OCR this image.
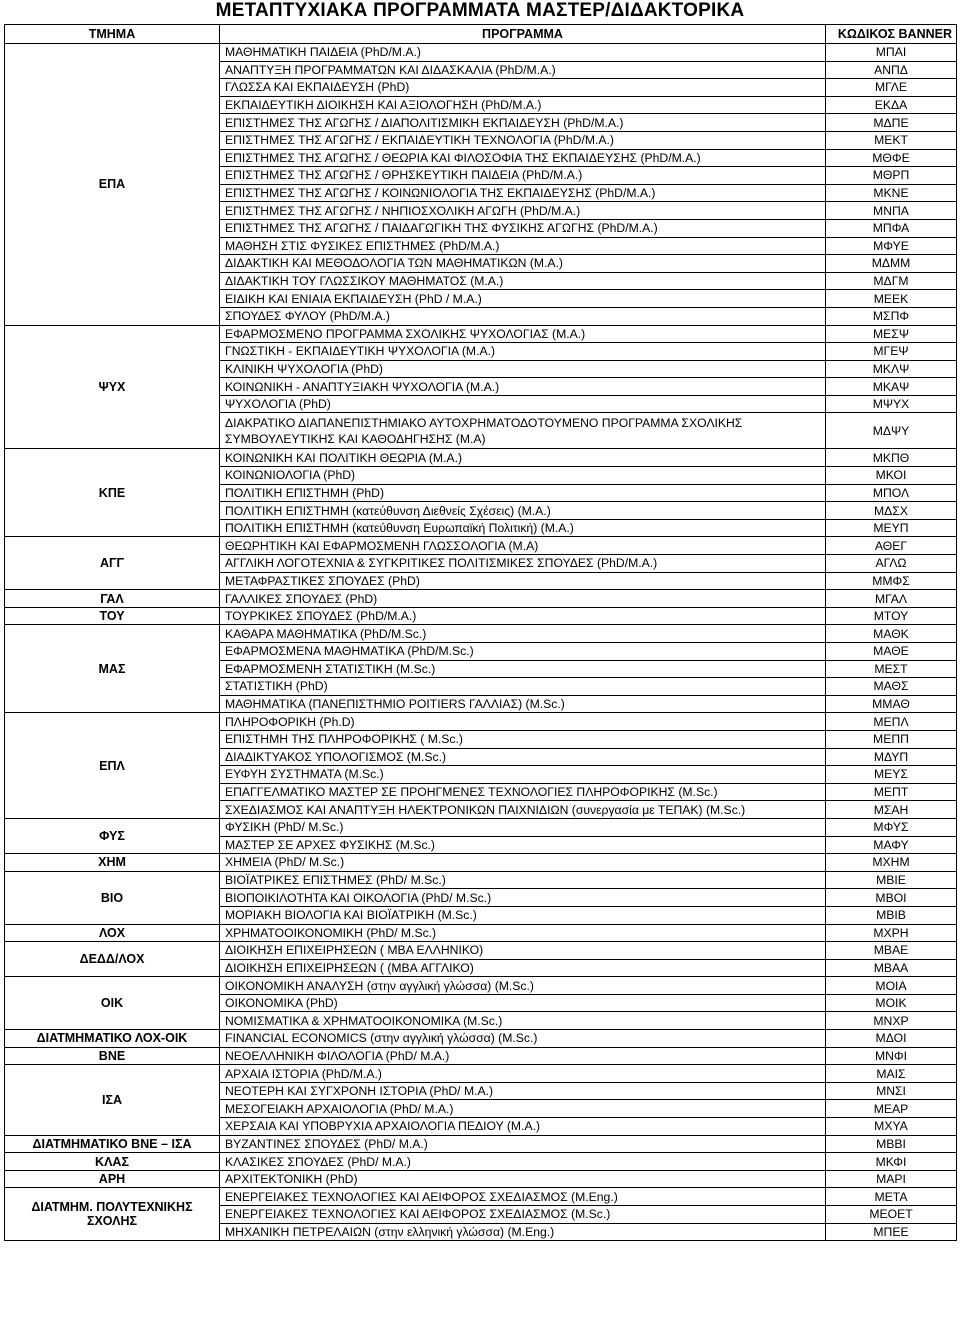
ΜΕΤΑΠΤΥΧΙΑΚΑ ΠΡΟΓΡΑΜΜΑΤΑ ΜΑΣΤΕΡ/ΔΙΔΑΚΤΟΡΙΚΑ
ΤΜΗΜΑ	ΠΡΟΓΡΑΜΜΑ	ΚΩΔΙΚΟΣ BANNER
ΕΠΑ	ΜΑΘΗΜΑΤΙΚΗ ΠΑΙΔΕΙΑ (PhD/M.A.)	ΜΠΑΙ
	ΑΝΑΠΤΥΞΗ ΠΡΟΓΡΑΜΜΑΤΩΝ ΚΑΙ ΔΙΔΑΣΚΑΛΙΑ (PhD/M.A.)	ΑΝΠΔ
	ΓΛΩΣΣΑ ΚΑΙ ΕΚΠΑΙΔΕΥΣΗ (PhD)	ΜΓΛΕ
	ΕΚΠΑΙΔΕΥΤΙΚΗ ΔΙΟΙΚΗΣΗ ΚΑΙ ΑΞΙΟΛΟΓΗΣΗ (PhD/M.A.)	ΕΚΔΑ
	ΕΠΙΣΤΗΜΕΣ ΤΗΣ ΑΓΩΓΗΣ / ΔΙΑΠΟΛΙΤΙΣΜΙΚΗ ΕΚΠΑΙΔΕΥΣΗ (PhD/M.A.)	ΜΔΠΕ
	ΕΠΙΣΤΗΜΕΣ ΤΗΣ ΑΓΩΓΗΣ / ΕΚΠΑΙΔΕΥΤΙΚΗ ΤΕΧΝΟΛΟΓΙΑ (PhD/M.A.)	ΜΕΚΤ
	ΕΠΙΣΤΗΜΕΣ ΤΗΣ ΑΓΩΓΗΣ / ΘΕΩΡΙΑ ΚΑΙ ΦΙΛΟΣΟΦΙΑ ΤΗΣ ΕΚΠΑΙΔΕΥΣΗΣ (PhD/M.A.)	ΜΘΦΕ
	ΕΠΙΣΤΗΜΕΣ ΤΗΣ ΑΓΩΓΗΣ / ΘΡΗΣΚΕΥΤΙΚΗ ΠΑΙΔΕΙΑ (PhD/M.A.)	ΜΘΡΠ
	ΕΠΙΣΤΗΜΕΣ ΤΗΣ ΑΓΩΓΗΣ / ΚΟΙΝΩΝΙΟΛΟΓΙΑ ΤΗΣ ΕΚΠΑΙΔΕΥΣΗΣ (PhD/M.A.)	ΜΚΝΕ
	ΕΠΙΣΤΗΜΕΣ ΤΗΣ ΑΓΩΓΗΣ / ΝΗΠΙΟΣΧΟΛΙΚΗ ΑΓΩΓΗ (PhD/M.A.)	ΜΝΠΑ
	ΕΠΙΣΤΗΜΕΣ ΤΗΣ ΑΓΩΓΗΣ / ΠΑΙΔΑΓΩΓΙΚΗ ΤΗΣ ΦΥΣΙΚΗΣ ΑΓΩΓΗΣ (PhD/M.A.)	ΜΠΦΑ
	ΜΑΘΗΣΗ ΣΤΙΣ ΦΥΣΙΚΕΣ ΕΠΙΣΤΗΜΕΣ (PhD/M.A.)	ΜΦΥΕ
	ΔΙΔΑΚΤΙΚΗ ΚΑΙ ΜΕΘΟΔΟΛΟΓΙΑ ΤΩΝ ΜΑΘΗΜΑΤΙΚΩΝ (M.A.)	ΜΔΜΜ
	ΔΙΔΑΚΤΙΚΗ ΤΟΥ ΓΛΩΣΣΙΚΟΥ ΜΑΘΗΜΑΤΟΣ (M.A.)	ΜΔΓΜ
	ΕΙΔΙΚΗ ΚΑΙ ΕΝΙΑΙΑ ΕΚΠΑΙΔΕΥΣΗ (PhD / M.A.)	ΜΕΕΚ
	ΣΠΟΥΔΕΣ ΦΥΛΟΥ (PhD/M.A.)	ΜΣΠΦ
ΨΥΧ	ΕΦΑΡΜΟΣΜΕΝΟ ΠΡΟΓΡΑΜΜΑ ΣΧΟΛΙΚΗΣ ΨΥΧΟΛΟΓΙΑΣ (M.A.)	ΜΕΣΨ
	ΓΝΩΣΤΙΚΗ - ΕΚΠΑΙΔΕΥΤΙΚΗ ΨΥΧΟΛΟΓΙΑ (M.A.)	ΜΓΕΨ
	ΚΛΙΝΙΚΗ ΨΥΧΟΛΟΓΙΑ (PhD)	ΜΚΛΨ
	ΚΟΙΝΩΝΙΚΗ - ΑΝΑΠΤΥΞΙΑΚΗ ΨΥΧΟΛΟΓΙΑ (M.A.)	ΜΚΑΨ
	ΨΥΧΟΛΟΓΙΑ (PhD)	ΜΨΥΧ
	ΔΙΑΚΡΑΤΙΚΟ ΔΙΑΠΑΝΕΠΙΣΤΗΜΙΑΚΟ ΑΥΤΟΧΡΗΜΑΤΟΔΟΤΟΥΜΕΝΟ ΠΡΟΓΡΑΜΜΑ ΣΧΟΛΙΚΗΣ ΣΥΜΒΟΥΛΕΥΤΙΚΗΣ ΚΑΙ ΚΑΘΟΔΗΓΗΣΗΣ (M.A)	ΜΔΨΥ
ΚΠΕ	ΚΟΙΝΩΝΙΚΗ ΚΑΙ ΠΟΛΙΤΙΚΗ ΘΕΩΡΙΑ (M.A.)	ΜΚΠΘ
	ΚΟΙΝΩΝΙΟΛΟΓΙΑ (PhD)	ΜΚΟΙ
	ΠΟΛΙΤΙΚΗ ΕΠΙΣΤΗΜΗ (PhD)	ΜΠΟΛ
	ΠΟΛΙΤΙΚΗ ΕΠΙΣΤΗΜΗ (κατεύθυνση Διεθνείς Σχέσεις) (M.A.)	ΜΔΣΧ
	ΠΟΛΙΤΙΚΗ ΕΠΙΣΤΗΜΗ (κατεύθυνση Ευρωπαϊκή Πολιτική) (M.A.)	ΜΕΥΠ
ΑΓΓ	ΘΕΩΡΗΤΙΚΗ ΚΑΙ ΕΦΑΡΜΟΣΜΕΝΗ ΓΛΩΣΣΟΛΟΓΙΑ (M.A)	ΑΘΕΓ
	ΑΓΓΛΙΚΗ ΛΟΓΟΤΕΧΝΙΑ & ΣΥΓΚΡΙΤΙΚΕΣ ΠΟΛΙΤΙΣΜΙΚΕΣ ΣΠΟΥΔΕΣ (PhD/M.A.)	ΑΓΛΩ
	ΜΕΤΑΦΡΑΣΤΙΚΕΣ ΣΠΟΥΔΕΣ (PhD)	ΜΜΦΣ
ΓΑΛ	ΓΑΛΛΙΚΕΣ ΣΠΟΥΔΕΣ (PhD)	ΜΓΑΛ
ΤΟΥ	ΤΟΥΡΚΙΚΕΣ ΣΠΟΥΔΕΣ (PhD/M.A.)	ΜΤΟΥ
ΜΑΣ	ΚΑΘΑΡΑ ΜΑΘΗΜΑΤΙΚΑ (PhD/M.Sc.)	ΜΑΘΚ
	ΕΦΑΡΜΟΣΜΕΝΑ ΜΑΘΗΜΑΤΙΚΑ (PhD/M.Sc.)	ΜΑΘΕ
	ΕΦΑΡΜΟΣΜΕΝΗ ΣΤΑΤΙΣΤΙΚΗ (M.Sc.)	ΜΕΣΤ
	ΣΤΑΤΙΣΤΙΚΗ (PhD)	ΜΑΘΣ
	ΜΑΘΗΜΑΤΙΚΑ (ΠΑΝΕΠΙΣΤΗΜΙΟ POITIERS ΓΑΛΛΙΑΣ) (M.Sc.)	ΜΜΑΘ
ΕΠΛ	ΠΛΗΡΟΦΟΡΙΚΗ (Ph.D)	ΜΕΠΛ
	ΕΠΙΣΤΗΜΗ ΤΗΣ ΠΛΗΡΟΦΟΡΙΚΗΣ ( M.Sc.)	ΜΕΠΠ
	ΔΙΑΔΙΚΤΥΑΚΟΣ ΥΠΟΛΟΓΙΣΜΟΣ (M.Sc.)	ΜΔΥΠ
	ΕΥΦΥΗ ΣΥΣΤΗΜΑΤΑ (M.Sc.)	ΜΕΥΣ
	ΕΠΑΓΓΕΛΜΑΤΙΚΟ ΜΑΣΤΕΡ ΣΕ ΠΡΟΗΓΜΕΝΕΣ ΤΕΧΝΟΛΟΓΙΕΣ ΠΛΗΡΟΦΟΡΙΚΗΣ (M.Sc.)	ΜΕΠΤ
	ΣΧΕΔΙΑΣΜΟΣ ΚΑΙ ΑΝΑΠΤΥΞΗ ΗΛΕΚΤΡΟΝΙΚΩΝ ΠΑΙΧΝΙΔΙΩΝ (συνεργασία με ΤΕΠΑΚ) (M.Sc.)	ΜΣΑΗ
ΦΥΣ	ΦΥΣΙΚΗ (PhD/ M.Sc.)	ΜΦΥΣ
	ΜΑΣΤΕΡ ΣΕ ΑΡΧΕΣ ΦΥΣΙΚΗΣ (M.Sc.)	ΜΑΦΥ
ΧΗΜ	ΧΗΜΕΙΑ (PhD/ M.Sc.)	ΜΧΗΜ
ΒΙΟ	ΒΙΟΪΑΤΡΙΚΕΣ ΕΠΙΣΤΗΜΕΣ (PhD/ M.Sc.)	ΜΒΙΕ
	ΒΙΟΠΟΙΚΙΛΟΤΗΤΑ ΚΑΙ ΟΙΚΟΛΟΓΙΑ (PhD/ M.Sc.)	ΜΒΟΙ
	ΜΟΡΙΑΚΗ ΒΙΟΛΟΓΙΑ ΚΑΙ ΒΙΟΪΑΤΡΙΚΗ (M.Sc.)	ΜΒΙΒ
ΛΟΧ	ΧΡΗΜΑΤΟΟΙΚΟΝΟΜΙΚΗ (PhD/ M.Sc.)	ΜΧΡΗ
ΔΕΔΔ/ΛΟΧ	ΔΙΟΙΚΗΣΗ ΕΠΙΧΕΙΡΗΣΕΩΝ ( MBA ΕΛΛΗΝΙΚΟ)	ΜΒΑΕ
	ΔΙΟΙΚΗΣΗ ΕΠΙΧΕΙΡΗΣΕΩΝ ( (MBA ΑΓΓΛΙΚΟ)	ΜΒΑΑ
ΟΙΚ	ΟΙΚΟΝΟΜΙΚΗ ΑΝΑΛΥΣΗ (στην αγγλική γλώσσα) (M.Sc.)	ΜΟΙΑ
	ΟΙΚΟΝΟΜΙΚΑ (PhD)	ΜΟΙΚ
	ΝΟΜΙΣΜΑΤΙΚΑ & ΧΡΗΜΑΤΟΟΙΚΟΝΟΜΙΚΑ (M.Sc.)	ΜΝΧΡ
ΔΙΑΤΜΗΜΑΤΙΚΟ ΛΟΧ-ΟΙΚ	FINANCIAL ECONOMICS (στην αγγλική γλώσσα) (M.Sc.)	ΜΔΟΙ
ΒΝΕ	ΝΕΟΕΛΛΗΝΙΚΗ ΦΙΛΟΛΟΓΙΑ (PhD/ M.A.)	ΜΝΦΙ
ΙΣΑ	ΑΡΧΑΙΑ ΙΣΤΟΡΙΑ (PhD/M.A.)	ΜΑΙΣ
	ΝΕΟΤΕΡΗ ΚΑΙ ΣΥΓΧΡΟΝΗ ΙΣΤΟΡΙΑ (PhD/ M.A.)	ΜΝΣΙ
	ΜΕΣΟΓΕΙΑΚΗ ΑΡΧΑΙΟΛΟΓΙΑ (PhD/ M.A.)	ΜΕΑΡ
	ΧΕΡΣΑΙΑ ΚΑΙ ΥΠΟΒΡΥΧΙΑ ΑΡΧΑΙΟΛΟΓΙΑ ΠΕΔΙΟΥ (M.A.)	ΜΧΥΑ
ΔΙΑΤΜΗΜΑΤΙΚΟ ΒΝΕ – ΙΣΑ	ΒΥΖΑΝΤΙΝΕΣ ΣΠΟΥΔΕΣ (PhD/ M.A.)	ΜΒΒΙ
ΚΛΑΣ	ΚΛΑΣΙΚΕΣ ΣΠΟΥΔΕΣ (PhD/ M.A.)	ΜΚΦΙ
ΑΡΗ	ΑΡΧΙΤΕΚΤΟΝΙΚΗ (PhD)	ΜΑΡΙ
ΔΙΑΤΜΗΜ. ΠΟΛΥΤΕΧΝΙΚΗΣ ΣΧΟΛΗΣ	ΕΝΕΡΓΕΙΑΚΕΣ ΤΕΧΝΟΛΟΓΙΕΣ ΚΑΙ ΑΕΙΦΟΡΟΣ ΣΧΕΔΙΑΣΜΟΣ (M.Eng.)	ΜΕΤΑ
	ΕΝΕΡΓΕΙΑΚΕΣ ΤΕΧΝΟΛΟΓΙΕΣ ΚΑΙ ΑΕΙΦΟΡΟΣ ΣΧΕΔΙΑΣΜΟΣ (M.Sc.)	ΜΕΟΕΤ
	ΜΗΧΑΝΙΚΗ ΠΕΤΡΕΛΑΙΩΝ (στην ελληνική γλώσσα) (M.Eng.)	ΜΠΕΕ
